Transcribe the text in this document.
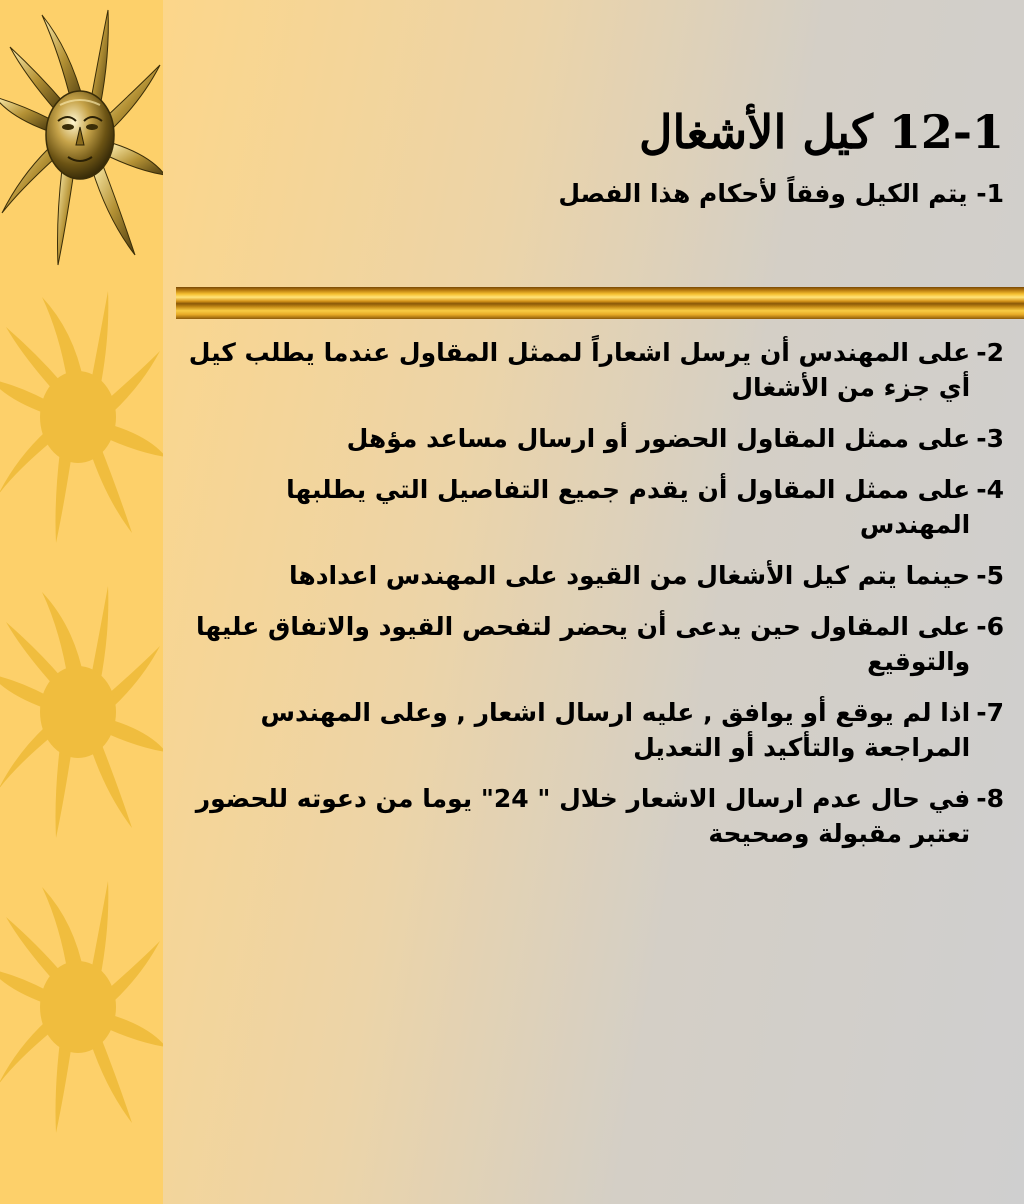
12-1 كيل الأشغال

1- يتم الكيل وفقاً لأحكام هذا الفصل

2-
على المهندس أن يرسل اشعاراً لممثل المقاول عندما يطلب كيل أي جزء من الأشغال
3-
على ممثل المقاول الحضور أو ارسال مساعد مؤهل
4-
على ممثل المقاول أن يقدم جميع التفاصيل التي يطلبها المهندس
5-
حينما يتم كيل الأشغال من القيود على المهندس اعدادها
6-
على المقاول حين يدعى أن يحضر لتفحص القيود والاتفاق عليها والتوقيع
7-
اذا لم يوقع أو يوافق , عليه ارسال اشعار , وعلى المهندس المراجعة والتأكيد أو التعديل
8-
في حال عدم ارسال الاشعار خلال " 24" يوما من دعوته للحضور تعتبر مقبولة وصحيحة
